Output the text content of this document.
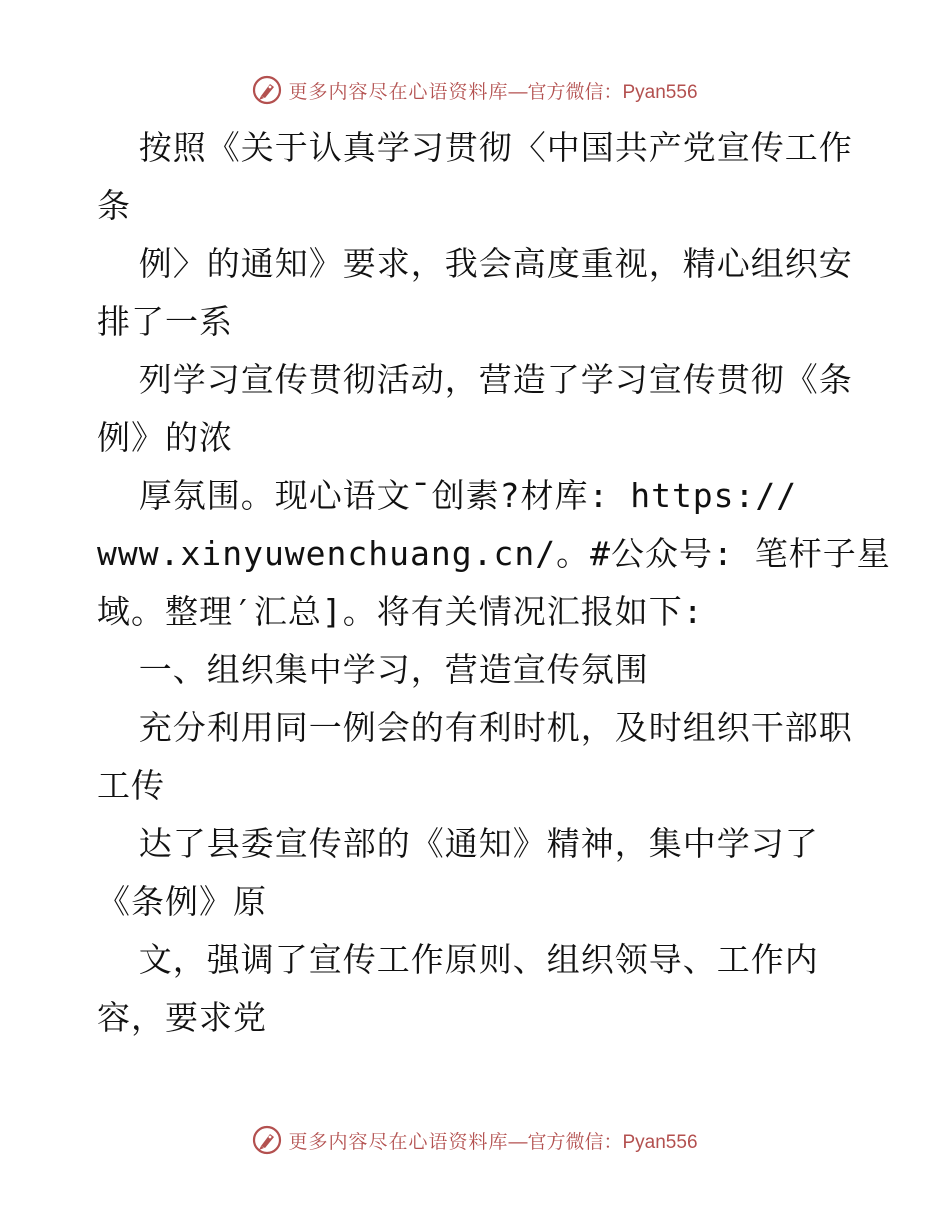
更多内容尽在心语资料库—官方微信：Pyan556
按照《关于认真学习贯彻〈中国共产党宣传工作
条
例〉的通知》要求，我会高度重视，精心组织安
排了一系
列学习宣传贯彻活动，营造了学习宣传贯彻《条
例》的浓
厚氛围。现心语文¯创素?材库: https://
www.xinyuwenchuang.cn/。#公众号: 笔杆子星
域。整理′汇总]。将有关情况汇报如下:
一、组织集中学习，营造宣传氛围
充分利用同一例会的有利时机，及时组织干部职
工传
达了县委宣传部的《通知》精神，集中学习了
《条例》原
文，强调了宣传工作原则、组织领导、工作内
容，要求党
更多内容尽在心语资料库—官方微信：Pyan556
